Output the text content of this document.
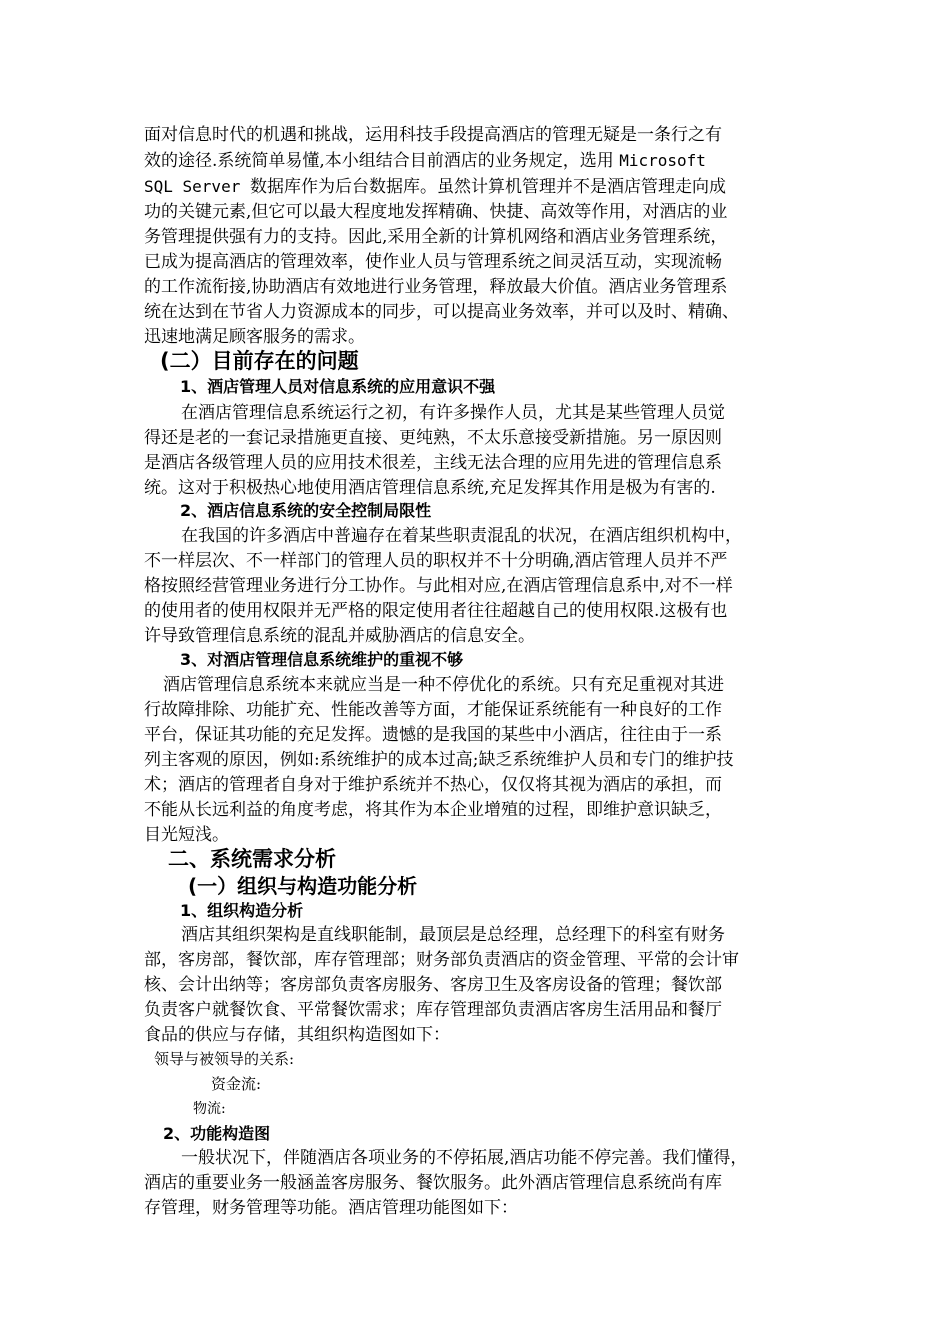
面对信息时代的机遇和挑战，运用科技手段提高酒店的管理无疑是一条行之有
效的途径.系统简单易懂,本小组结合目前酒店的业务规定，选用 Microsoft
SQL Server 数据库作为后台数据库。虽然计算机管理并不是酒店管理走向成
功的关键元素,但它可以最大程度地发挥精确、快捷、高效等作用，对酒店的业
务管理提供强有力的支持。因此,采用全新的计算机网络和酒店业务管理系统，
已成为提高酒店的管理效率，使作业人员与管理系统之间灵活互动，实现流畅
的工作流衔接,协助酒店有效地进行业务管理，释放最大价值。酒店业务管理系
统在达到在节省人力资源成本的同步，可以提高业务效率，并可以及时、精确、
迅速地满足顾客服务的需求。
(二）目前存在的问题
1、酒店管理人员对信息系统的应用意识不强
在酒店管理信息系统运行之初，有许多操作人员，尤其是某些管理人员觉
得还是老的一套记录措施更直接、更纯熟，不太乐意接受新措施。另一原因则
是酒店各级管理人员的应用技术很差，主线无法合理的应用先进的管理信息系
统。这对于积极热心地使用酒店管理信息系统,充足发挥其作用是极为有害的.
2、酒店信息系统的安全控制局限性
在我国的许多酒店中普遍存在着某些职责混乱的状况，在酒店组织机构中，
不一样层次、不一样部门的管理人员的职权并不十分明确,酒店管理人员并不严
格按照经营管理业务进行分工协作。与此相对应,在酒店管理信息系中,对不一样
的使用者的使用权限并无严格的限定使用者往往超越自己的使用权限.这极有也
许导致管理信息系统的混乱并威胁酒店的信息安全。
3、对酒店管理信息系统维护的重视不够
酒店管理信息系统本来就应当是一种不停优化的系统。只有充足重视对其进
行故障排除、功能扩充、性能改善等方面，才能保证系统能有一种良好的工作
平台，保证其功能的充足发挥。遗憾的是我国的某些中小酒店，往往由于一系
列主客观的原因，例如:系统维护的成本过高;缺乏系统维护人员和专门的维护技
术；酒店的管理者自身对于维护系统并不热心，仅仅将其视为酒店的承担，而
不能从长远利益的角度考虑，将其作为本企业增殖的过程，即维护意识缺乏，
目光短浅。
二、系统需求分析
(一）组织与构造功能分析
1、组织构造分析
酒店其组织架构是直线职能制，最顶层是总经理，总经理下的科室有财务
部，客房部，餐饮部，库存管理部；财务部负责酒店的资金管理、平常的会计审
核、会计出纳等；客房部负责客房服务、客房卫生及客房设备的管理；餐饮部
负责客户就餐饮食、平常餐饮需求；库存管理部负责酒店客房生活用品和餐厅
食品的供应与存储，其组织构造图如下：
领导与被领导的关系:
资金流:
物流:
2、功能构造图
一般状况下，伴随酒店各项业务的不停拓展,酒店功能不停完善。我们懂得，
酒店的重要业务一般涵盖客房服务、餐饮服务。此外酒店管理信息系统尚有库
存管理，财务管理等功能。酒店管理功能图如下：
